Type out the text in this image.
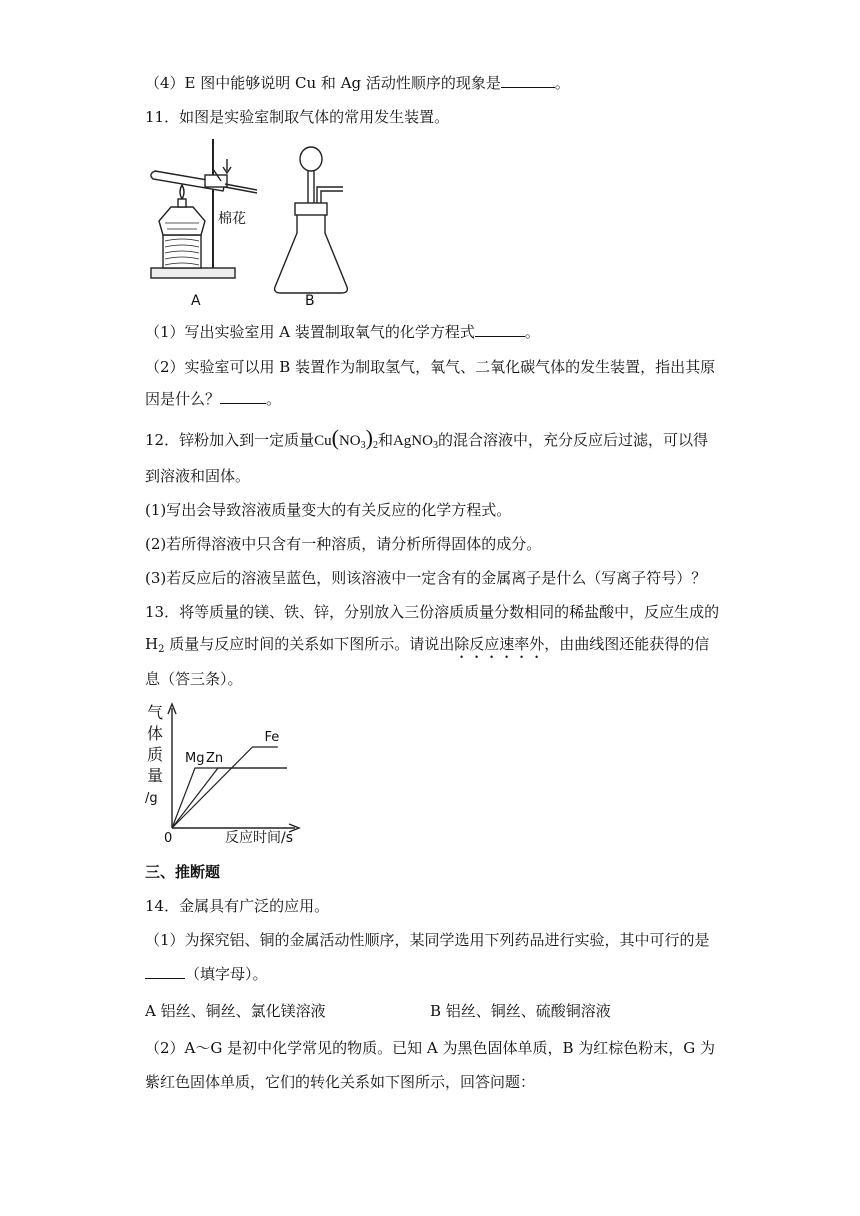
（4）E 图中能够说明 Cu 和 Ag 活动性顺序的现象是	。
11．如图是实验室制取气体的常用发生装置。
棉花
A	B
（1）写出实验室用 A 装置制取氧气的化学方程式	。
（2）实验室可以用 B 装置作为制取氢气，氧气、二氧化碳气体的发生装置，指出其原
因是什么？	。
12．锌粉加入到一定质量$Cu(NO_3)_2$和AgNO$_3$的混合溶液中，充分反应后过滤，可以得
到溶液和固体。
(1)写出会导致溶液质量变大的有关反应的化学方程式。
(2)若所得溶液中只含有一种溶质，请分析所得固体的成分。
(3)若反应后的溶液呈蓝色，则该溶液中一定含有的金属离子是什么（写离子符号）？
13．将等质量的镁、铁、锌，分别放入三份溶质质量分数相同的稀盐酸中，反应生成的
$H_2$ 质量与反应时间的关系如下图所示。请说出除反应速率外，由曲线图还能获得的信
息（答三条）。
气
体
质
量
/g
0	反应时间/s
Mg Zn
Fe
三、推断题
14．金属具有广泛的应用。
（1）为探究铝、铜的金属活动性顺序，某同学选用下列药品进行实验，其中可行的是
（填字母）。
A 铝丝、铜丝、氯化镁溶液	B 铝丝、铜丝、硫酸铜溶液
（2）A～G 是初中化学常见的物质。已知 A 为黑色固体单质，B 为红棕色粉末，G 为
紫红色固体单质，它们的转化关系如下图所示，回答问题：
